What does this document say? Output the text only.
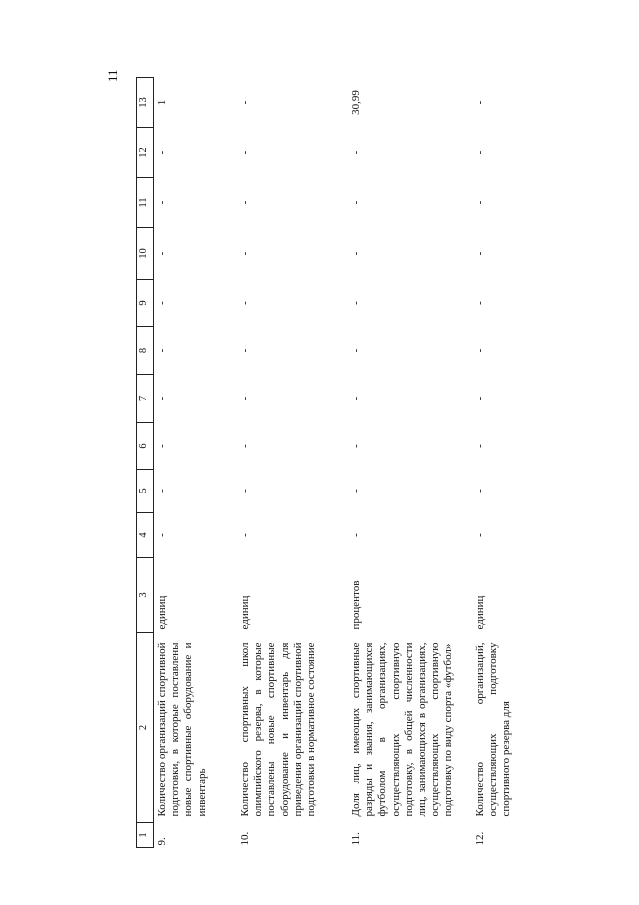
11
1	2	3	4	5	6	7	8	9	10	11	12	13
9.	Количество организаций спортивной подготовки, в которые поставлены новые спортивные оборудование и инвентарь	единиц	-	-	-	-	-	-	-	-	-	1
10.	Количество спортивных школ олимпийского резерва, в которые поставлены новые спортивные оборудование и инвентарь для приведения организаций спортивной подготовки в нормативное состояние	единиц	-	-	-	-	-	-	-	-	-	-
11.	Доля лиц, имеющих спортивные разряды и звания, занимающихся футболом в организациях, осуществляющих спортивную подготовку, в общей численности лиц, занимающихся в организациях, осуществляющих спортивную подготовку по виду спорта «футбол»	процентов	-	-	-	-	-	-	-	-	-	30,99
12.	Количество организаций, осуществляющих подготовку спортивного резерва для	единиц	-	-	-	-	-	-	-	-	-	-
